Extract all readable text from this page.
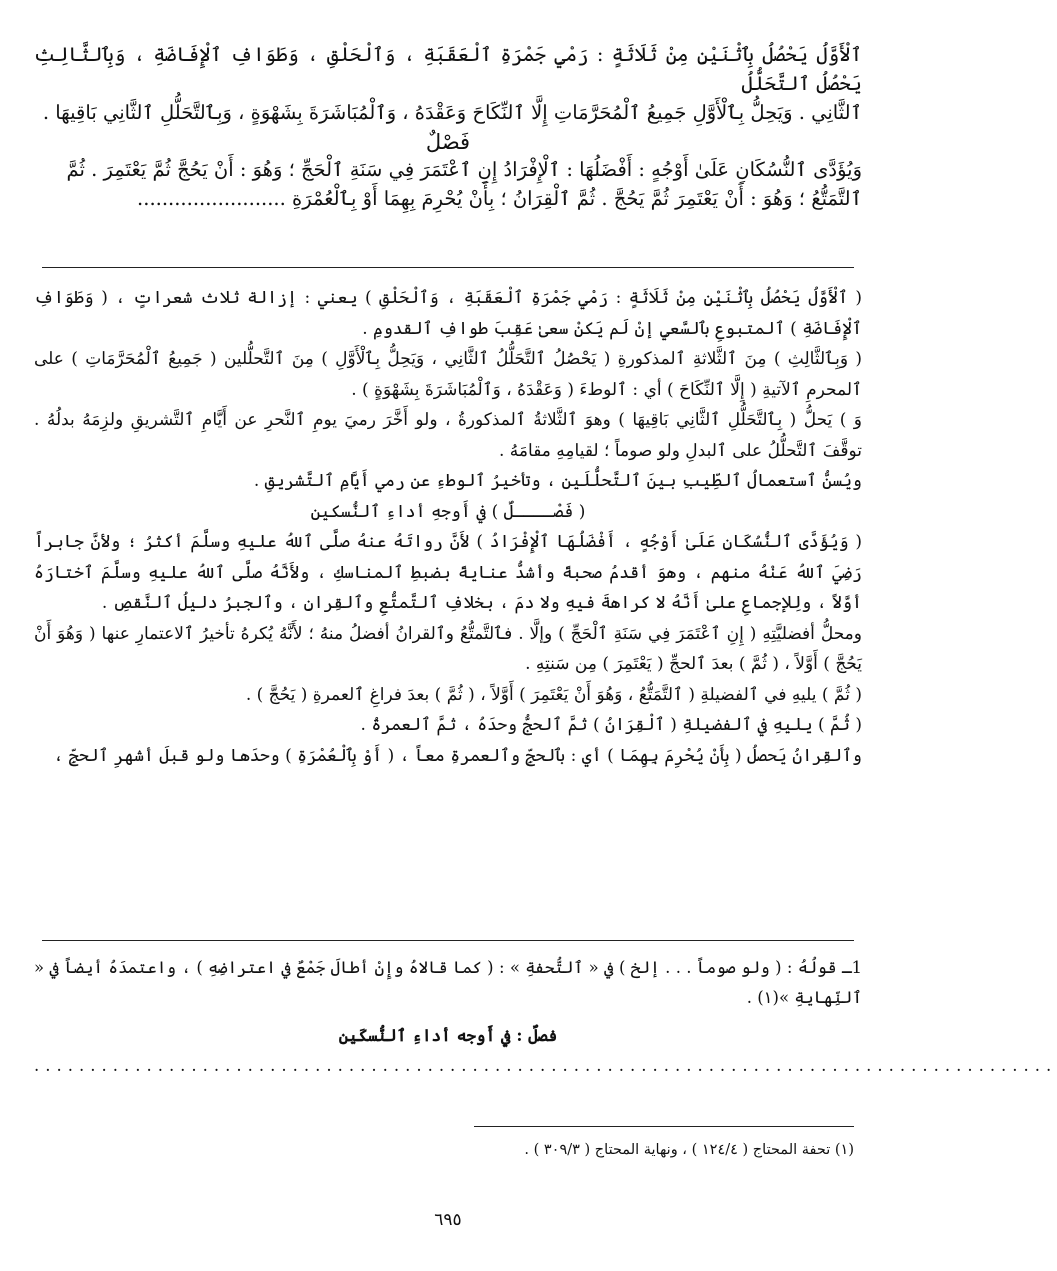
ٱلْأَوَّلُ يَحْصُلُ بِٱثْنَيْنِ مِنْ ثَلَاثَةٍ : رَمْيِ جَمْرَةِ ٱلْعَقَبَةِ ، وَٱلْحَلْقِ ، وَطَوَافِ ٱلْإِفَاضَةِ ، وَبِٱلثَّالِثِ يَحْصُلُ ٱلتَّحَلُّلُ

ٱلثَّانِي . وَيَحِلُّ بِٱلْأَوَّلِ جَمِيعُ ٱلْمُحَرَّمَاتِ إِلَّا ٱلنِّكَاحَ وَعَقْدَهُ ، وَٱلْمُبَاشَرَةَ بِشَهْوَةٍ ، وَبِٱلتَّحَلُّلِ ٱلثَّانِي بَاقِيهَا .

فَصْلٌ

وَيُؤَدَّى ٱلنُّسُكَانِ عَلَىٰ أَوْجُهٍ : أَفْضَلُهَا : ٱلْإِفْرَادُ إِنِ ٱعْتَمَرَ فِي سَنَةِ ٱلْحَجِّ ؛ وَهُوَ : أَنْ يَحُجَّ ثُمَّ يَعْتَمِرَ . ثُمَّ

ٱلتَّمَتُّعُ ؛ وَهُوَ : أَنْ يَعْتَمِرَ ثُمَّ يَحُجَّ . ثُمَّ ٱلْقِرَانُ ؛ بِأَنْ يُحْرِمَ بِهِمَا أَوْ بِٱلْعُمْرَةِ ........................

( ٱلْأَوَّلُ يَحْصُلُ بِٱثْنَيْنِ مِنْ ثَلَاثَةٍ : رَمْيِ جَمْرَةِ ٱلْعَقَبَةِ ، وَٱلْحَلْقِ ) يعني : إزالة ثلاث شعراتٍ ، ( وَطَوَافِ ٱلْإِفَاضَةِ ) ٱلمتبوعِ بٱلسَّعيِ إنْ لَم يَكنْ سعىٰ عَقِبَ طوافِ ٱلقدومِ .

( وَبِٱلثَّالِثِ ) مِنَ ٱلثَّلاثةِ ٱلمذكورةِ ( يَحْصُلُ ٱلتَّحَلُّلُ ٱلثَّانِي ، وَيَحِلُّ بِٱلْأَوَّلِ ) مِنَ ٱلتَّحلُّلين ( جَمِيعُ ٱلْمُحَرَّمَاتِ ) على ٱلمحرمِ ٱلآتيةِ ( إِلَّا ٱلنِّكَاحَ ) أي : ٱلوطءَ ( وَعَقْدَهُ ، وَٱلْمُبَاشَرَةَ بِشَهْوَةٍ ) .

وَ ) يَحلُّ ( بِٱلتَّحَلُّلِ ٱلثَّانِي بَاقِيهَا ) وهوَ ٱلثَّلاثةُ ٱلمذكورةُ ، ولو أَخَّرَ رميَ يومِ ٱلنَّحرِ عن أَيَّامِ ٱلتَّشريقِ ولزِمَهُ بدلُهُ . توقَّفَ ٱلتَّحلُّلُ على ٱلبدلِ ولو صوماً ؛ لقيامِهِ مقامَهُ .

ويُسنُّ ٱستعمالُ ٱلطِّيبِ بينَ ٱلتَّحلُّلَين ، وتأخيرُ ٱلوطءِ عن رمي أَيَّامِ ٱلتَّشريقِ .

( فَصْــــلٌ ) في أَوجهِ أداءِ ٱلنُّسكين

( وَيُؤَدَّى ٱلنُّسُكَانِ عَلَىٰ أَوْجُهٍ ، أَفْضَلُهَا ٱلْإِفْرَادُ ) لأَنَّ رواتَهُ عنهُ صلَّى ٱللهُ عليهِ وسلَّمَ أكثرُ ؛ ولأنَّ جابراً رَضِيَ ٱللهُ عَنْهُ منهم ، وهوَ أقدمُ صحبةً وأشدُّ عنايةً بضبطِ ٱلمناسكِ ، ولأَنَّهُ صلَّى ٱللهُ عليهِ وسلَّمَ ٱختارَهُ أوَّلاً ، ولِلإجماعِ علىٰ أَنَّهُ لا كراهةَ فيهِ ولا دمَ ، بخلافِ ٱلتَّمتُّعِ وٱلقِرانِ ، وٱلجبرُ دليلُ ٱلنَّقصِ .

ومحلُّ أفضليَّتِهِ ( إِنِ ٱعْتَمَرَ فِي سَنَةِ ٱلْحَجِّ ) وإلَّا . فٱلتَّمتُّعُ وٱلقرانُ أفضلُ منهُ ؛ لأَنَّهُ يُكرهُ تأخيرُ ٱلاعتمارِ عنها ( وَهُوَ أَنْ يَحُجَّ ) أَوَّلاً ، ( ثُمَّ ) بعدَ ٱلحجِّ ( يَعْتَمِرَ ) مِن سَنتِهِ .

( ثُمَّ ) يليهِ في ٱلفضيلةِ ( ٱلتَّمَتُّعُ ، وَهُوَ أَنْ يَعْتَمِرَ ) أَوَّلاً ، ( ثُمَّ ) بعدَ فراغِ ٱلعمرةِ ( يَحُجَّ ) .

( ثُمَّ ) يليهِ في ٱلفضيلةِ ( ٱلْقِرَانُ ) ثمَّ ٱلحجُّ وحدَهُ ، ثمَّ ٱلعمرةُ .

وٱلقِرانُ يَحصلُ ( بِأَنْ يُحْرِمَ بِهِمَا ) أي : بٱلحجِّ وٱلعمرةِ معاً ، ( أَوْ بِٱلْعُمْرَةِ ) وحدَها ولو قبلَ أشهرِ ٱلحجِّ ،

1ـ قولُهُ : ( ولو صوماً . . . إلخ ) في « ٱلتُّحفةِ » : ( كما قالاهُ وإِنْ أطالَ جَمْعٌ في اعتراضِهِ ) ، واعتمدَهُ أيضاً في « ٱلنِّهايةِ »(١) .

فصلٌ : في أَوجه أداءِ ٱلنُّسكَين

...........................................................................................

(١) تحفة المحتاج ( ١٢٤/٤ ) ، ونهاية المحتاج ( ٣٠٩/٣ ) .
٦٩٥
